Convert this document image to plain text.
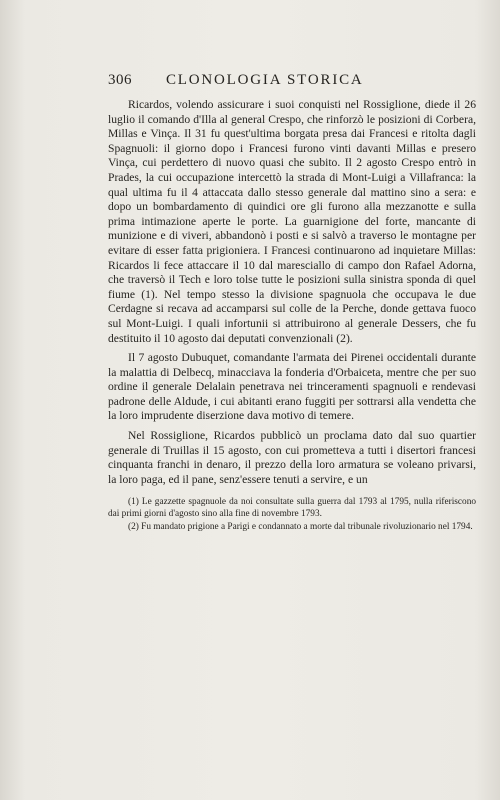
306	CLONOLOGIA STORICA

Ricardos, volendo assicurare i suoi conquisti nel Rossiglione, diede il 26 luglio il comando d'Illa al general Crespo, che rinforzò le posizioni di Corbera, Millas e Vinça. Il 31 fu quest'ultima borgata presa dai Francesi e ritolta dagli Spagnuoli: il giorno dopo i Francesi furono vinti davanti Millas e presero Vinça, cui perdettero di nuovo quasi che subito. Il 2 agosto Crespo entrò in Prades, la cui occupazione intercettò la strada di Mont-Luigi a Villafranca: la qual ultima fu il 4 attaccata dallo stesso generale dal mattino sino a sera: e dopo un bombardamento di quindici ore gli furono alla mezzanotte e sulla prima intimazione aperte le porte. La guarnigione del forte, mancante di munizione e di viveri, abbandonò i posti e si salvò a traverso le montagne per evitare di esser fatta prigioniera. I Francesi continuarono ad inquietare Millas: Ricardos li fece attaccare il 10 dal maresciallo di campo don Rafael Adorna, che traversò il Tech e loro tolse tutte le posizioni sulla sinistra sponda di quel fiume (1). Nel tempo stesso la divisione spagnuola che occupava le due Cerdagne si recava ad accamparsi sul colle de la Perche, donde gettava fuoco sul Mont-Luigi. I quali infortunii si attribuirono al generale Dessers, che fu destituito il 10 agosto dai deputati convenzionali (2).

Il 7 agosto Dubuquet, comandante l'armata dei Pirenei occidentali durante la malattia di Delbecq, minacciava la fonderia d'Orbaiceta, mentre che per suo ordine il generale Delalain penetrava nei trinceramenti spagnuoli e rendevasi padrone delle Aldude, i cui abitanti erano fuggiti per sottrarsi alla vendetta che la loro imprudente diserzione dava motivo di temere.

Nel Rossiglione, Ricardos pubblicò un proclama dato dal suo quartier generale di Truillas il 15 agosto, con cui prometteva a tutti i disertori francesi cinquanta franchi in denaro, il prezzo della loro armatura se voleano privarsi, la loro paga, ed il pane, senz'essere tenuti a servire, e un

(1) Le gazzette spagnuole da noi consultate sulla guerra dal 1793 al 1795, nulla riferiscono dai primi giorni d'agosto sino alla fine di novembre 1793.

(2) Fu mandato prigione a Parigi e condannato a morte dal tribunale rivoluzionario nel 1794.
